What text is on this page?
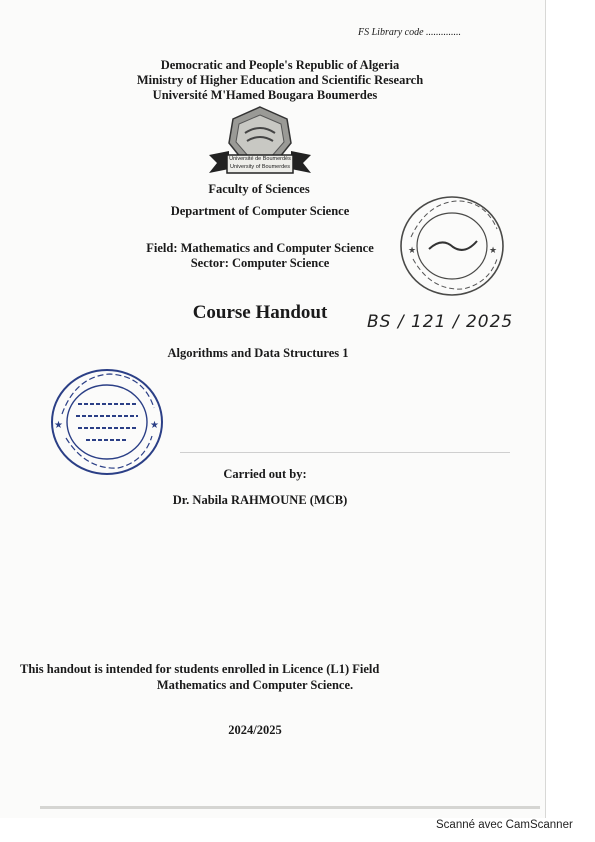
FS Library code ..............
Democratic and People's Republic of Algeria
Ministry of Higher Education and Scientific Research
Université M'Hamed Bougara Boumerdes
Université de Boumerdès
University of Boumerdes
Faculty of Sciences
Department of Computer Science
Field: Mathematics and Computer Science
Sector: Computer Science
★	★
Course Handout	BS / 121 / 2025
Algorithms and Data Structures 1
★	★
Carried out by:
Dr. Nabila RAHMOUNE (MCB)
This handout is intended for students enrolled in Licence (L1) Field
Mathematics and Computer Science.
2024/2025
Scanné avec CamScanner
